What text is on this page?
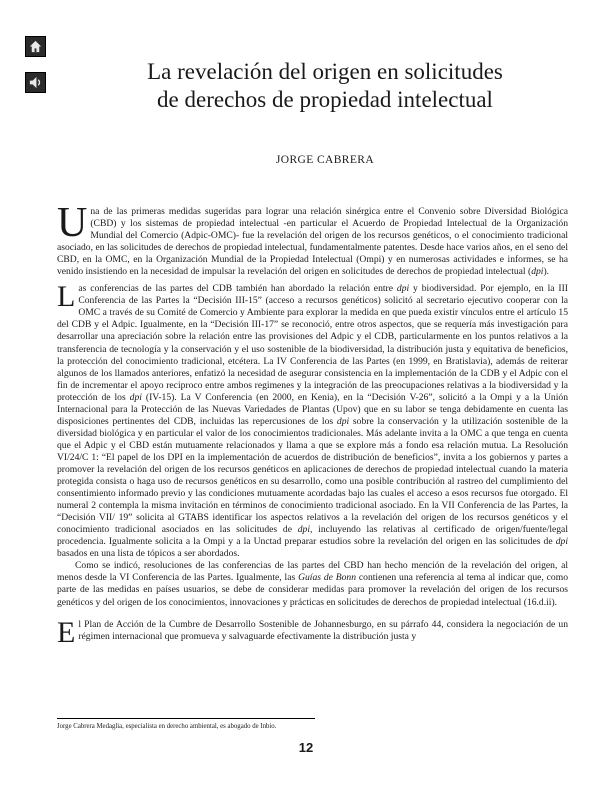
La revelación del origen en solicitudes
de derechos de propiedad intelectual
JORGE CABRERA

Una de las primeras medidas sugeridas para lograr una relación sinérgica entre el Convenio sobre Diversidad Biológica (CBD) y los sistemas de propiedad intelectual -en particular el Acuerdo de Propiedad Intelectual de la Organización Mundial del Comercio (Adpic-OMC)- fue la revelación del origen de los recursos genéticos, o el conocimiento tradicional asociado, en las solicitudes de derechos de propiedad intelectual, fundamentalmente patentes. Desde hace varios años, en el seno del CBD, en la OMC, en la Organización Mundial de la Propiedad Intelectual (Ompi) y en numerosas actividades e informes, se ha venido insistiendo en la necesidad de impulsar la revelación del origen en solicitudes de derechos de propiedad intelectual (dpi).

Las conferencias de las partes del CDB también han abordado la relación entre dpi y biodiversidad. Por ejemplo, en la III Conferencia de las Partes la “Decisión III-15” (acceso a recursos genéticos) solicitó al secretario ejecutivo cooperar con la OMC a través de su Comité de Comercio y Ambiente para explorar la medida en que pueda existir vínculos entre el artículo 15 del CDB y el Adpic. Igualmente, en la “Decisión III-17” se reconoció, entre otros aspectos, que se requería más investigación para desarrollar una apreciación sobre la relación entre las provisiones del Adpic y el CDB, particularmente en los puntos relativos a la transferencia de tecnología y la conservación y el uso sostenible de la biodiversidad, la distribución justa y equitativa de beneficios, la protección del conocimiento tradicional, etcétera. La IV Conferencia de las Partes (en 1999, en Bratislavia), además de reiterar algunos de los llamados anteriores, enfatizó la necesidad de asegurar consistencia en la implementación de la CDB y el Adpic con el fin de incrementar el apoyo reciproco entre ambos regimenes y la integración de las preocupaciones relativas a la biodiversidad y la protección de los dpi (IV-15). La V Conferencia (en 2000, en Kenia), en la “Decisión V-26”, solicitó a la Ompi y a la Unión Internacional para la Protección de las Nuevas Variedades de Plantas (Upov) que en su labor se tenga debidamente en cuenta las disposiciones pertinentes del CDB, incluidas las repercusiones de los dpi sobre la conservación y la utilización sostenible de la diversidad biológica y en particular el valor de los conocimientos tradicionales. Más adelante invita a la OMC a que tenga en cuenta que el Adpic y el CBD están mutuamente relacionados y llama a que se explore más a fondo esa relación mutua. La Resolución VI/24/C 1: “El papel de los DPI en la implementación de acuerdos de distribución de beneficios”, invita a los gobiernos y partes a promover la revelación del origen de los recursos genéticos en aplicaciones de derechos de propiedad intelectual cuando la materia protegida consista o haga uso de recursos genéticos en su desarrollo, como una posible contribución al rastreo del cumplimiento del consentimiento informado previo y las condiciones mutuamente acordadas bajo las cuales el acceso a esos recursos fue otorgado. El numeral 2 contempla la misma invitación en términos de conocimiento tradicional asociado. En la VII Conferencia de las Partes, la “Decisión VII/ 19” solicita al GTABS identificar los aspectos relativos a la revelación del origen de los recursos genéticos y el conocimiento tradicional asociados en las solicitudes de dpi, incluyendo las relativas al certificado de origen/fuente/legal procedencia. Igualmente solicita a la Ompi y a la Unctad preparar estudios sobre la revelación del origen en las solicitudes de dpi basados en una lista de tópicos a ser abordados.

Como se indicó, resoluciones de las conferencias de las partes del CBD han hecho mención de la revelación del origen, al menos desde la VI Conferencia de las Partes. Igualmente, las Guías de Bonn contienen una referencia al tema al indicar que, como parte de las medidas en países usuarios, se debe de considerar medidas para promover la revelación del origen de los recursos genéticos y del origen de los conocimientos, innovaciones y prácticas en solicitudes de derechos de propiedad intelectual (16.d.ii).

El Plan de Acción de la Cumbre de Desarrollo Sostenible de Johannesburgo, en su párrafo 44, considera la negociación de un régimen internacional que promueva y salvaguarde efectivamente la distribución justa y

Jorge Cabrera Medaglia, especialista en derecho ambiental, es abogado de Inbio.
12
